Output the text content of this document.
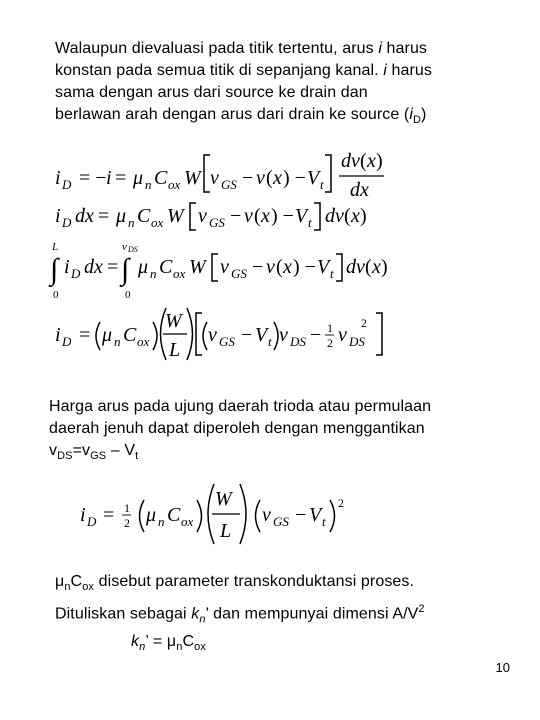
Walaupun dievaluasi pada titik tertentu, arus i harus
konstan pada semua titik di sepanjang kanal. i harus
sama dengan arus dari source ke drain dan
berlawan arah dengan arus dari drain ke source $(i_D)$
i D = − i = μ n C ox W v GS − v ( x ) − V t
dv ( x )
dx
i D dx = μ n C ox W v GS − v ( x ) − V t dv ( x )
L
∫
0
i D dx =
v DS
∫
0
μ n C ox W v GS − v ( x ) − V t dv ( x )
i D = μ n C ox
W
L
v GS − V t v DS − 1
2 v DS
2
i D = 1
2 μ n C ox
W
L
v GS − V t
2
Harga arus pada ujung daerah trioda atau permulaan
daerah jenuh dapat diperoleh dengan menggantikan
$v_{DS}=v_{GS} - V_t$
$\mu_nC_{ox}$ disebut parameter transkonduktansi proses.
Dituliskan sebagai $k_n$’ dan mempunyai dimensi $A/V^2$
$k_n$’ = $\mu_nC_{ox}$
10
